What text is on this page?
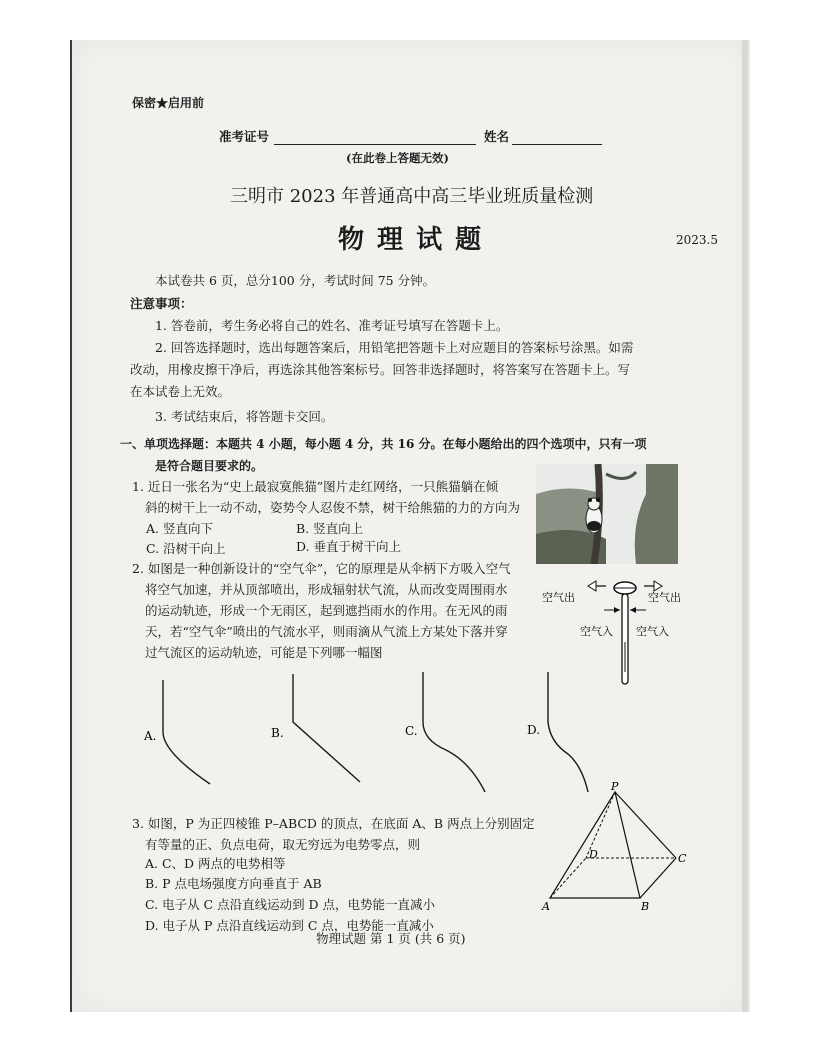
保密★启用前
准考证号	姓名
(在此卷上答题无效)
三明市 2023 年普通高中高三毕业班质量检测
物 理 试 题	2023.5
本试卷共 6 页，总分100 分，考试时间 75 分钟。
注意事项：
1. 答卷前，考生务必将自己的姓名、准考证号填写在答题卡上。
2. 回答选择题时，选出每题答案后，用铅笔把答题卡上对应题目的答案标号涂黑。如需
改动，用橡皮擦干净后，再选涂其他答案标号。回答非选择题时，将答案写在答题卡上。写
在本试卷上无效。
3. 考试结束后，将答题卡交回。
一、单项选择题：本题共 4 小题，每小题 4 分，共 16 分。在每小题给出的四个选项中，只有一项
是符合题目要求的。
1. 近日一张名为“史上最寂寞熊猫”图片走红网络，一只熊猫躺在倾
斜的树干上一动不动，姿势令人忍俊不禁，树干给熊猫的力的方向为
A. 竖直向下	B. 竖直向上
C. 沿树干向上	D. 垂直于树干向上
2. 如图是一种创新设计的“空气伞”，它的原理是从伞柄下方吸入空气
将空气加速，并从顶部喷出，形成辐射状气流，从而改变周围雨水
的运动轨迹，形成一个无雨区，起到遮挡雨水的作用。在无风的雨
天，若“空气伞”喷出的气流水平，则雨滴从气流上方某处下落并穿
过气流区的运动轨迹，可能是下列哪一幅图
空气出	空气出
空气入 空气入
A.	B.	C.	D.
3. 如图，P 为正四棱锥 P–ABCD 的顶点，在底面 A、B 两点上分别固定
有等量的正、负点电荷，取无穷远为电势零点，则
A. C、D 两点的电势相等
B. P 点电场强度方向垂直于 AB
C. 电子从 C 点沿直线运动到 D 点，电势能一直减小
D. 电子从 P 点沿直线运动到 C 点，电势能一直减小
P
D	C
A	B
物理试题 第 1 页 (共 6 页)
